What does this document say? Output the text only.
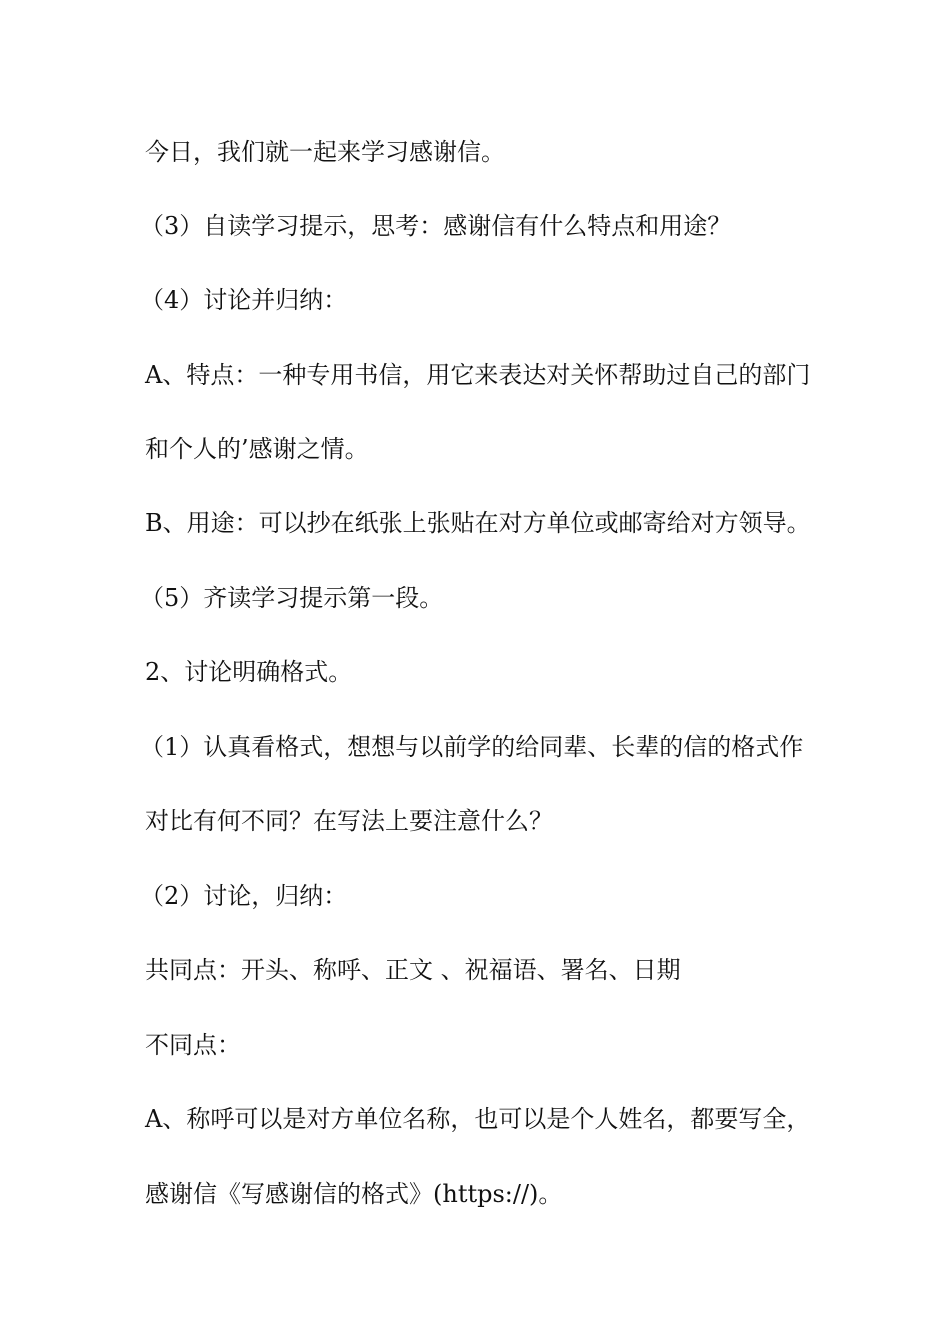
今日，我们就一起来学习感谢信。
（3）自读学习提示，思考：感谢信有什么特点和用途？
（4）讨论并归纳：
A、特点：一种专用书信，用它来表达对关怀帮助过自己的部门
和个人的’感谢之情。
B、用途：可以抄在纸张上张贴在对方单位或邮寄给对方领导。
（5）齐读学习提示第一段。
2、讨论明确格式。
（1）认真看格式，想想与以前学的给同辈、长辈的信的格式作
对比有何不同？在写法上要注意什么？
（2）讨论，归纳：
共同点：开头、称呼、正文 、祝福语、署名、日期
不同点：
A、称呼可以是对方单位名称，也可以是个人姓名，都要写全，
感谢信《写感谢信的格式》(https://)。
